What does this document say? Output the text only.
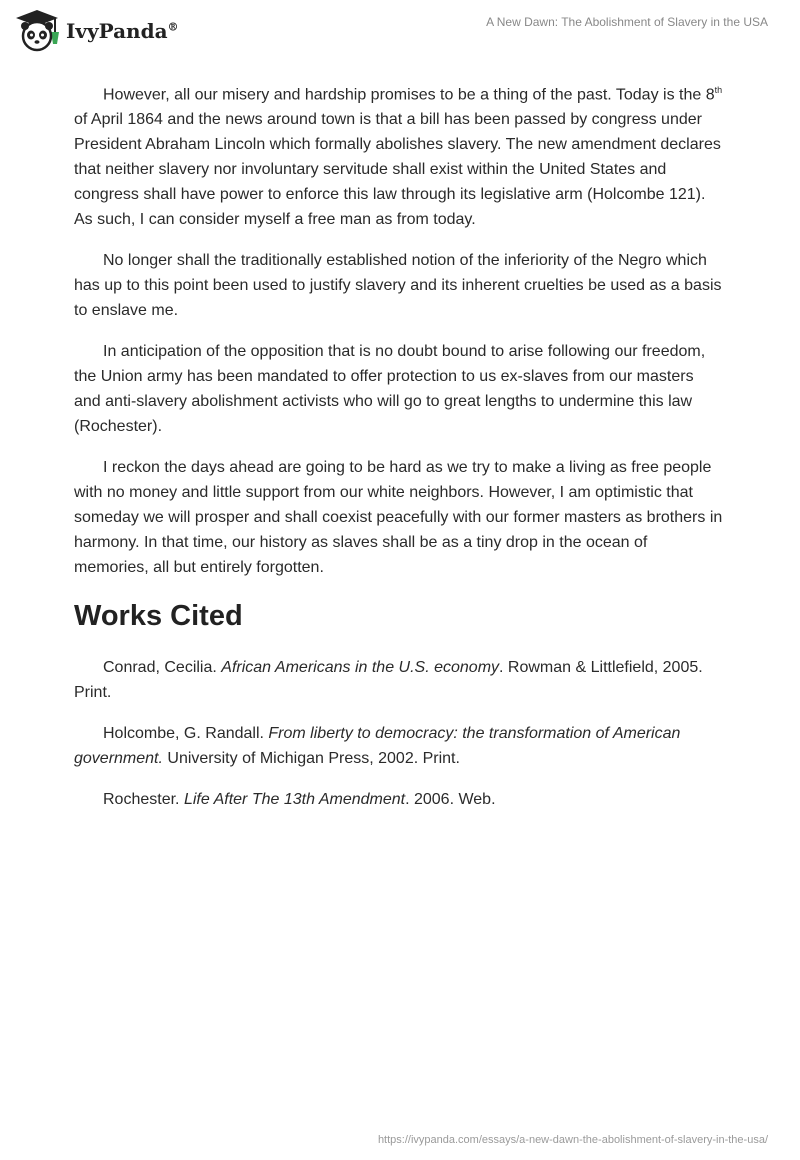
IvyPanda®	A New Dawn: The Abolishment of Slavery in the USA

However, all our misery and hardship promises to be a thing of the past. Today is the 8th of April 1864 and the news around town is that a bill has been passed by congress under President Abraham Lincoln which formally abolishes slavery. The new amendment declares that neither slavery nor involuntary servitude shall exist within the United States and congress shall have power to enforce this law through its legislative arm (Holcombe 121). As such, I can consider myself a free man as from today.

No longer shall the traditionally established notion of the inferiority of the Negro which has up to this point been used to justify slavery and its inherent cruelties be used as a basis to enslave me.

In anticipation of the opposition that is no doubt bound to arise following our freedom, the Union army has been mandated to offer protection to us ex-slaves from our masters and anti-slavery abolishment activists who will go to great lengths to undermine this law (Rochester).

I reckon the days ahead are going to be hard as we try to make a living as free people with no money and little support from our white neighbors. However, I am optimistic that someday we will prosper and shall coexist peacefully with our former masters as brothers in harmony. In that time, our history as slaves shall be as a tiny drop in the ocean of memories, all but entirely forgotten.

Works Cited

Conrad, Cecilia. African Americans in the U.S. economy. Rowman & Littlefield, 2005. Print.

Holcombe, G. Randall. From liberty to democracy: the transformation of American government. University of Michigan Press, 2002. Print.

Rochester. Life After The 13th Amendment. 2006. Web.

https://ivypanda.com/essays/a-new-dawn-the-abolishment-of-slavery-in-the-usa/
